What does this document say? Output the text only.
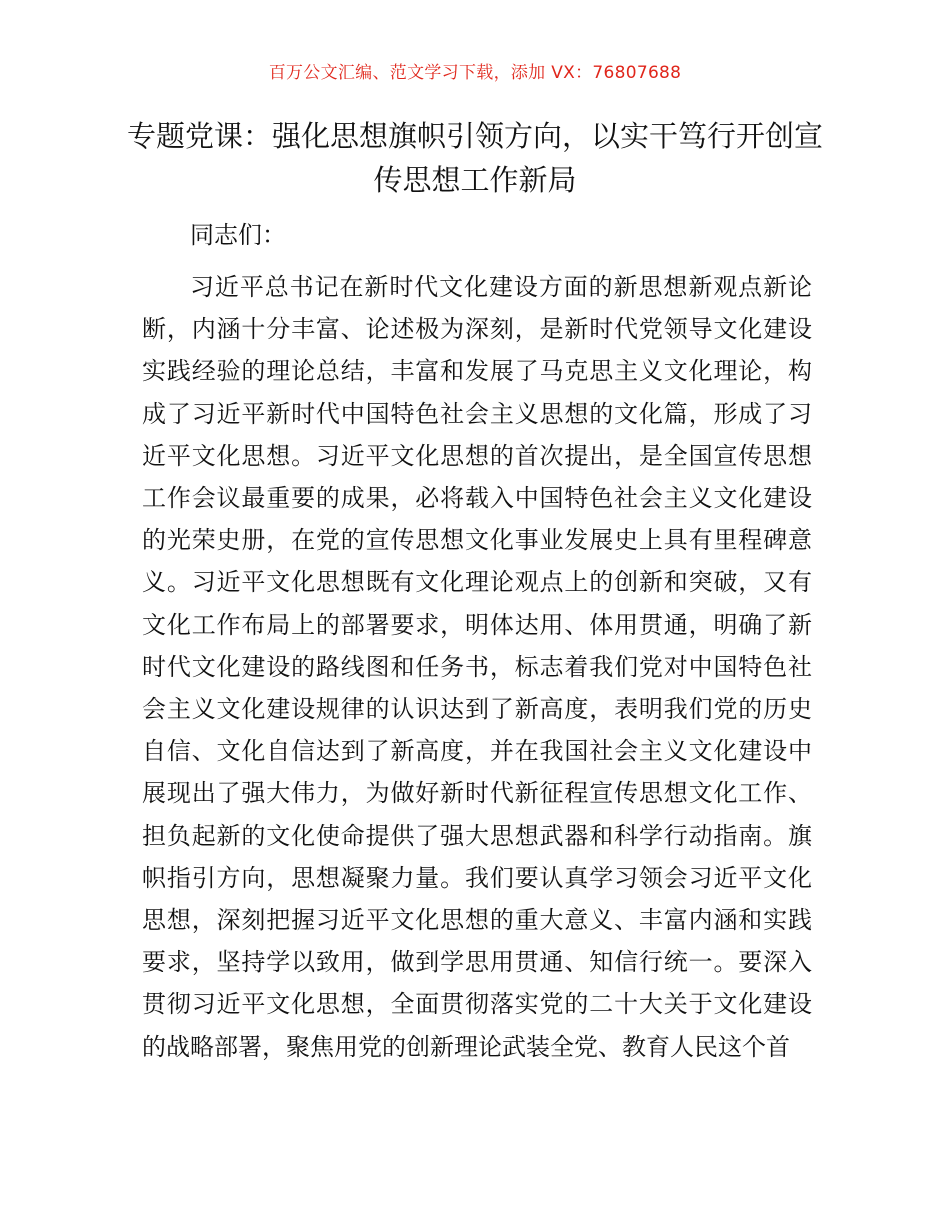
百万公文汇编、范文学习下载，添加 VX：76807688
专题党课：强化思想旗帜引领方向，以实干笃行开创宣传思想工作新局
同志们：

习近平总书记在新时代文化建设方面的新思想新观点新论断，内涵十分丰富、论述极为深刻，是新时代党领导文化建设实践经验的理论总结，丰富和发展了马克思主义文化理论，构成了习近平新时代中国特色社会主义思想的文化篇，形成了习近平文化思想。习近平文化思想的首次提出，是全国宣传思想工作会议最重要的成果，必将载入中国特色社会主义文化建设的光荣史册，在党的宣传思想文化事业发展史上具有里程碑意义。习近平文化思想既有文化理论观点上的创新和突破，又有文化工作布局上的部署要求，明体达用、体用贯通，明确了新时代文化建设的路线图和任务书，标志着我们党对中国特色社会主义文化建设规律的认识达到了新高度，表明我们党的历史自信、文化自信达到了新高度，并在我国社会主义文化建设中展现出了强大伟力，为做好新时代新征程宣传思想文化工作、担负起新的文化使命提供了强大思想武器和科学行动指南。旗帜指引方向，思想凝聚力量。我们要认真学习领会习近平文化思想，深刻把握习近平文化思想的重大意义、丰富内涵和实践要求，坚持学以致用，做到学思用贯通、知信行统一。要深入贯彻习近平文化思想，全面贯彻落实党的二十大关于文化建设的战略部署，聚焦用党的创新理论武装全党、教育人民这个首
